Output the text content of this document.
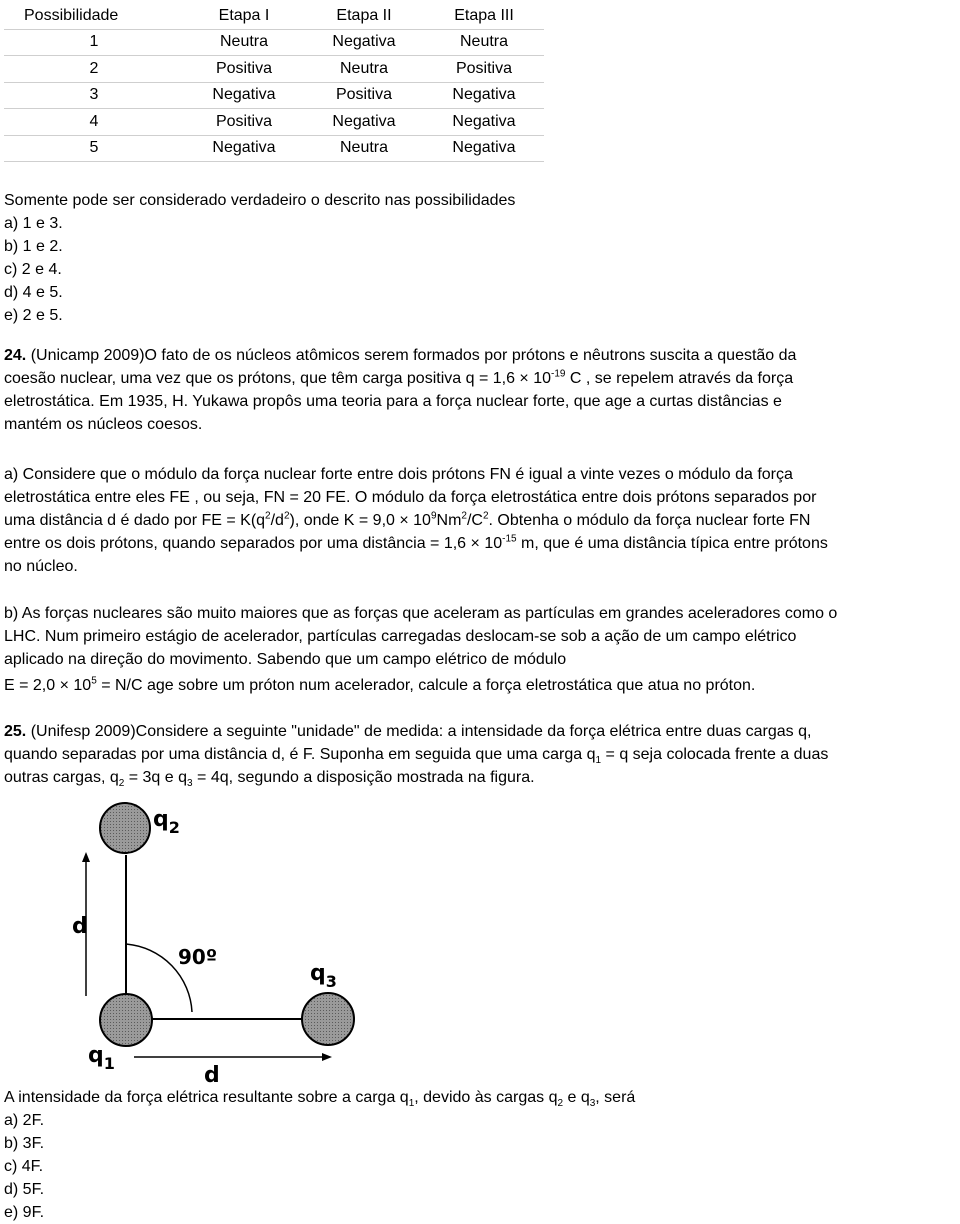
Possibilidade	Etapa I	Etapa II	Etapa III
1	Neutra	Negativa	Neutra
2	Positiva	Neutra	Positiva
3	Negativa	Positiva	Negativa
4	Positiva	Negativa	Negativa
5	Negativa	Neutra	Negativa
Somente pode ser considerado verdadeiro o descrito nas possibilidades
a) 1 e 3.
b) 1 e 2.
c) 2 e 4.
d) 4 e 5.
e) 2 e 5.
24. (Unicamp 2009)O fato de os núcleos atômicos serem formados por prótons e nêutrons suscita a questão da
coesão nuclear, uma vez que os prótons, que têm carga positiva $q = 1,6 \times 10^{-19}$ C , se repelem através da força
eletrostática. Em 1935, H. Yukawa propôs uma teoria para a força nuclear forte, que age a curtas distâncias e
mantém os núcleos coesos.
a) Considere que o módulo da força nuclear forte entre dois prótons FN é igual a vinte vezes o módulo da força
eletrostática entre eles FE , ou seja, FN = 20 FE. O módulo da força eletrostática entre dois prótons separados por
uma distância d é dado por FE = $K(q^2/d^2)$, onde $K = 9,0 \times 10^9Nm^2/C^2$. Obtenha o módulo da força nuclear forte FN
entre os dois prótons, quando separados por uma distância = $1,6 \times 10^{-15}$ m, que é uma distância típica entre prótons
no núcleo.
b) As forças nucleares são muito maiores que as forças que aceleram as partículas em grandes aceleradores como o
LHC. Num primeiro estágio de acelerador, partículas carregadas deslocam-se sob a ação de um campo elétrico
aplicado na direção do movimento. Sabendo que um campo elétrico de módulo
$E = 2,0 \times 10^5 = N/C$ age sobre um próton num acelerador, calcule a força eletrostática que atua no próton.
25. (Unifesp 2009)Considere a seguinte "unidade" de medida: a intensidade da força elétrica entre duas cargas q,
quando separadas por uma distância d, é F. Suponha em seguida que uma carga $q_1 = q$ seja colocada frente a duas
outras cargas, $q_2 = 3q$ e $q_3 = 4q$, segundo a disposição mostrada na figura.
$q_2$
d
90º
$q_1$
$q_3$
d
A intensidade da força elétrica resultante sobre a carga $q_1$, devido às cargas $q_2$ e $q_3$, será
a) 2F.
b) 3F.
c) 4F.
d) 5F.
e) 9F.
